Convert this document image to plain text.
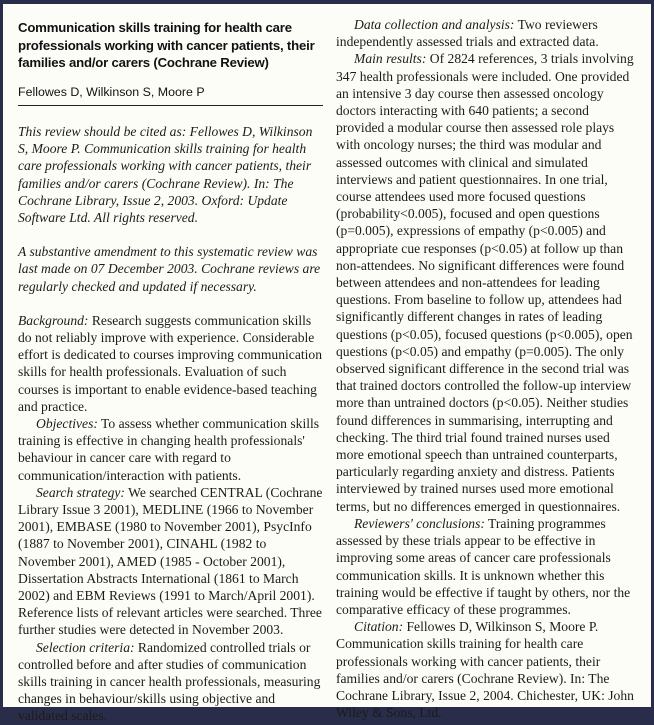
Communication skills training for health care professionals working with cancer patients, their families and/or carers (Cochrane Review)
Fellowes D, Wilkinson S, Moore P
This review should be cited as: Fellowes D, Wilkinson S, Moore P. Communication skills training for health care professionals working with cancer patients, their families and/or carers (Cochrane Review). In: The Cochrane Library, Issue 2, 2003. Oxford: Update Software Ltd. All rights reserved.
A substantive amendment to this systematic review was last made on 07 December 2003. Cochrane reviews are regularly checked and updated if necessary.

Background: Research suggests communication skills do not reliably improve with experience. Considerable effort is dedicated to courses improving communication skills for health professionals. Evaluation of such courses is important to enable evidence-based teaching and practice.

Objectives: To assess whether communication skills training is effective in changing health professionals' behaviour in cancer care with regard to communication/interaction with patients.

Search strategy: We searched CENTRAL (Cochrane Library Issue 3 2001), MEDLINE (1966 to November 2001), EMBASE (1980 to November 2001), PsycInfo (1887 to November 2001), CINAHL (1982 to November 2001), AMED (1985 - October 2001), Dissertation Abstracts International (1861 to March 2002) and EBM Reviews (1991 to March/April 2001). Reference lists of relevant articles were searched. Three further studies were detected in November 2003.

Selection criteria: Randomized controlled trials or controlled before and after studies of communication skills training in cancer health professionals, measuring changes in behaviour/skills using objective and validated scales.

Data collection and analysis: Two reviewers independently assessed trials and extracted data.

Main results: Of 2824 references, 3 trials involving 347 health professionals were included. One provided an intensive 3 day course then assessed oncology doctors interacting with 640 patients; a second provided a modular course then assessed role plays with oncology nurses; the third was modular and assessed outcomes with clinical and simulated interviews and patient questionnaires. In one trial, course attendees used more focused questions (probability<0.005), focused and open questions (p=0.005), expressions of empathy (p<0.005) and appropriate cue responses (p<0.05) at follow up than non-attendees. No significant differences were found between attendees and non-attendees for leading questions. From baseline to follow up, attendees had significantly different changes in rates of leading questions (p<0.05), focused questions (p<0.005), open questions (p<0.05) and empathy (p=0.005). The only observed significant difference in the second trial was that trained doctors controlled the follow-up interview more than untrained doctors (p<0.05). Neither studies found differences in summarising, interrupting and checking. The third trial found trained nurses used more emotional speech than untrained counterparts, particularly regarding anxiety and distress. Patients interviewed by trained nurses used more emotional terms, but no differences emerged in questionnaires.

Reviewers' conclusions: Training programmes assessed by these trials appear to be effective in improving some areas of cancer care professionals communication skills. It is unknown whether this training would be effective if taught by others, nor the comparative efficacy of these programmes.

Citation: Fellowes D, Wilkinson S, Moore P. Communication skills training for health care professionals working with cancer patients, their families and/or carers (Cochrane Review). In: The Cochrane Library, Issue 2, 2004. Chichester, UK: John Wiley & Sons, Ltd.
